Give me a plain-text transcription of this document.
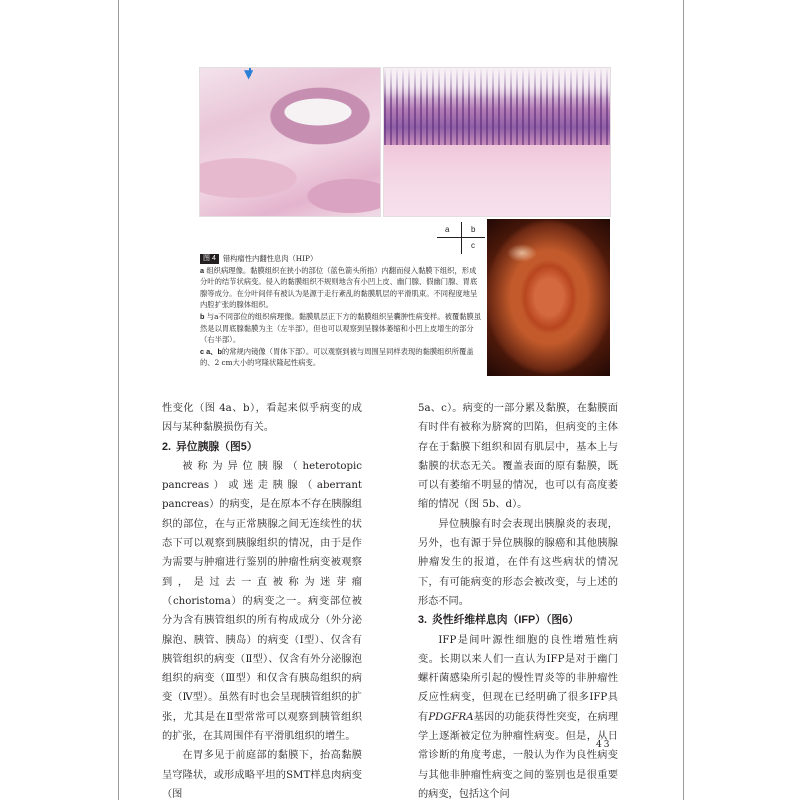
▼
a	b
c
图 4 错构瘤性内翻性息肉（HIP）

a 组织病理像。黏膜组织在狭小的部位（蓝色箭头所指）内翻而侵入黏膜下组织，形成分叶的结节状病变。侵入的黏膜组织不规则地含有小凹上皮、幽门腺、假幽门腺、胃底腺等成分。在分叶间伴有被认为是源于走行紊乱的黏膜肌层的平滑肌束。不同程度地呈内腔扩张的腺体组织。

b 与a不同部位的组织病理像。黏膜肌层正下方的黏膜组织呈囊肿性病变样。被覆黏膜虽然是以胃底腺黏膜为主（左半部），但也可以观察到呈腺体萎缩和小凹上皮增生的部分（右半部）。

c a、b的常规内镜像（胃体下部）。可以观察到被与周围呈同样表现的黏膜组织所覆盖的、2 cm大小的穹隆状隆起性病变。

性变化（图 4a、b），看起来似乎病变的成因与某种黏膜损伤有关。

2. 异位胰腺（图5）

被称为异位胰腺（heterotopic pancreas）或迷走胰腺（aberrant pancreas）的病变，是在原本不存在胰腺组织的部位，在与正常胰腺之间无连续性的状态下可以观察到胰腺组织的情况，由于是作为需要与肿瘤进行鉴别的肿瘤性病变被观察到，是过去一直被称为迷芽瘤（choristoma）的病变之一。病变部位被分为含有胰管组织的所有构成成分（外分泌腺泡、胰管、胰岛）的病变（Ⅰ型）、仅含有胰管组织的病变（Ⅱ型）、仅含有外分泌腺泡组织的病变（Ⅲ型）和仅含有胰岛组织的病变（Ⅳ型）。虽然有时也会呈现胰管组织的扩张，尤其是在Ⅱ型常常可以观察到胰管组织的扩张，在其周围伴有平滑肌组织的增生。

在胃多见于前庭部的黏膜下，抬高黏膜呈穹隆状，或形成略平坦的SMT样息肉病变（图

5a、c）。病变的一部分累及黏膜，在黏膜面有时伴有被称为脐窝的凹陷，但病变的主体存在于黏膜下组织和固有肌层中，基本上与黏膜的状态无关。覆盖表面的原有黏膜，既可以有萎缩不明显的情况，也可以有高度萎缩的情况（图 5b、d）。

异位胰腺有时会表现出胰腺炎的表现，另外，也有源于异位胰腺的腺癌和其他胰腺肿瘤发生的报道，在伴有这些病状的情况下，有可能病变的形态会被改变，与上述的形态不同。

3. 炎性纤维样息肉（IFP）（图6）

IFP是间叶源性细胞的良性增殖性病变。长期以来人们一直认为IFP是对于幽门螺杆菌感染所引起的慢性胃炎等的非肿瘤性反应性病变，但现在已经明确了很多IFP具有PDGFRA基因的功能获得性突变，在病理学上逐渐被定位为肿瘤性病变。但是，从日常诊断的角度考虑，一般认为作为良性病变与其他非肿瘤性病变之间的鉴别也是很重要的病变，包括这个问

43
